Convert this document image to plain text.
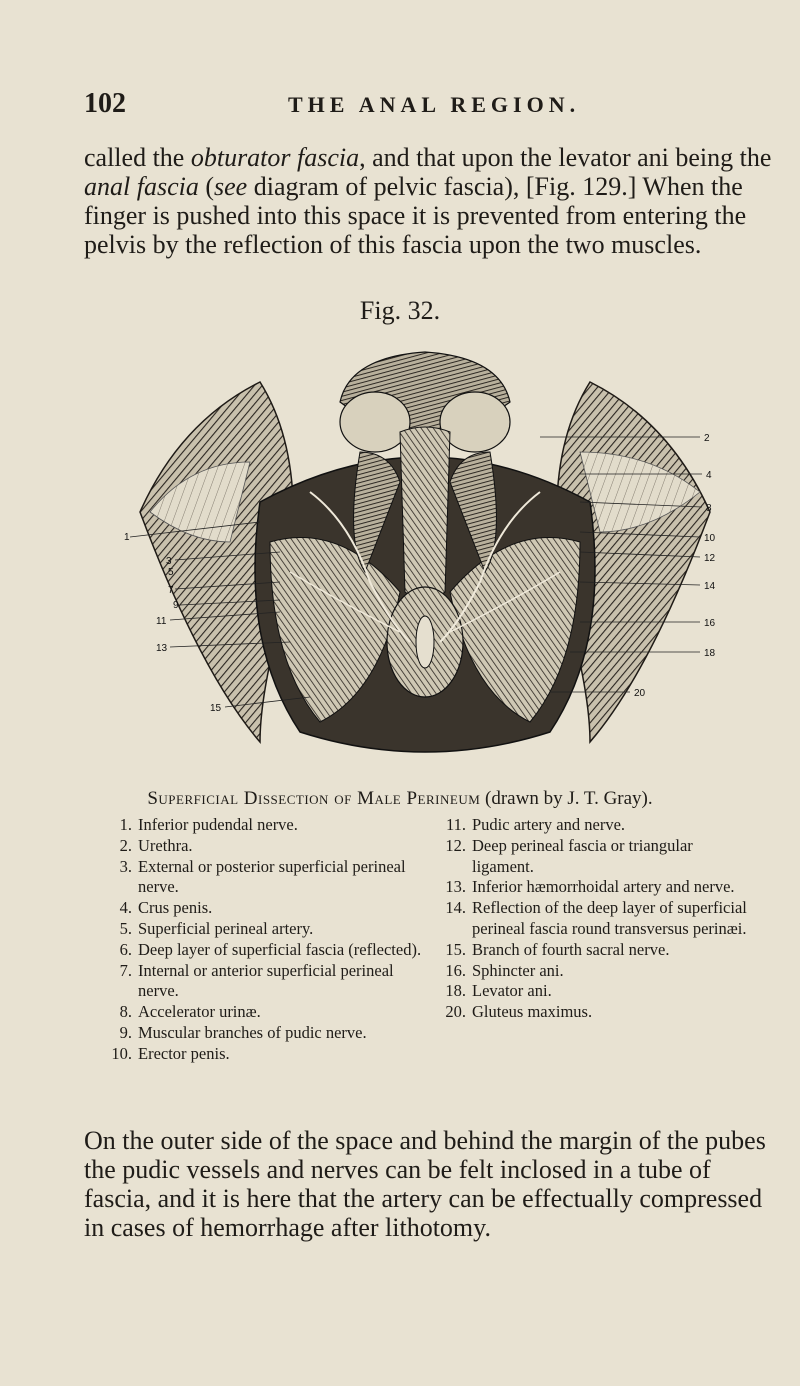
102	THE ANAL REGION.

called the obturator fascia, and that upon the levator ani being the anal fascia (see diagram of pelvic fascia), [Fig. 129.] When the finger is pushed into this space it is prevented from entering the pelvis by the reflection of this fascia upon the two muscles.

Fig. 32.
1
2
3
4
5
7
8
9
10
11
12
13
14
15
16
18
20
Superficial Dissection of Male Perineum (drawn by J. T. Gray).
1. Inferior pudendal nerve.
2. Urethra.
3. External or posterior superficial perineal nerve.
4. Crus penis.
5. Superficial perineal artery.
6. Deep layer of superficial fascia (reflected).
7. Internal or anterior superficial perineal nerve.
8. Accelerator urinæ.
9. Muscular branches of pudic nerve.
10. Erector penis.
11. Pudic artery and nerve.
12. Deep perineal fascia or triangular ligament.
13. Inferior hæmorrhoidal artery and nerve.
14. Reflection of the deep layer of superficial perineal fascia round transversus perinæi.
15. Branch of fourth sacral nerve.
16. Sphincter ani.
18. Levator ani.
20. Gluteus maximus.

On the outer side of the space and behind the margin of the pubes the pudic vessels and nerves can be felt inclosed in a tube of fascia, and it is here that the artery can be effectually compressed in cases of hemorrhage after lithotomy.
